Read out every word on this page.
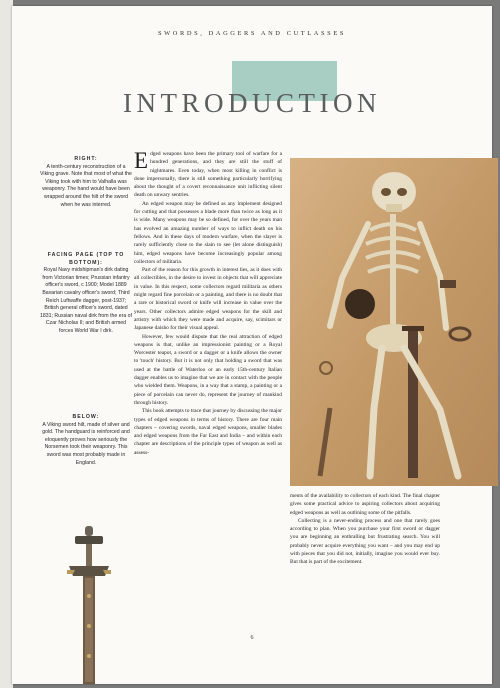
SWORDS, DAGGERS AND CUTLASSES
INTRODUCTION
RIGHT:
A tenth-century reconstruction of a Viking grave. Note that most of what the Viking took with him to Valhalla was weaponry. The hand would have been wrapped around the hilt of the sword when he was interred.
FACING PAGE (TOP TO BOTTOM):
Royal Navy midshipman's dirk dating from Victorian times; Prussian infantry officer's sword, c 1900; Model 1889 Bavarian cavalry officer's sword; Third Reich Luftwaffe dagger, post-1937; British general officer's sword, dated 1831; Russian naval dirk from the era of Czar Nicholas II; and British armed forces World War I dirk.
BELOW:
A Viking sword hilt, made of silver and gold. The handguard is reinforced and eloquently proves how seriously the Norsemen took their weaponry. This sword was most probably made in England.

Edged weapons have been the primary tool of warfare for a hundred generations, and they are still the stuff of nightmares. Even today, when most killing in conflict is done impersonally, there is still something particularly horrifying about the thought of a covert reconnaissance unit inflicting silent death on unwary sentries.

An edged weapon may be defined as any implement designed for cutting and that possesses a blade more than twice as long as it is wide. Many weapons may be so defined, for over the years man has evolved an amazing number of ways to inflict death on his fellows. And in these days of modern warfare, when the slayer is rarely sufficiently close to the slain to see (let alone distinguish) him, edged weapons have become increasingly popular among collectors of militaria.

Part of the reason for this growth in interest lies, as it does with all collectibles, in the desire to invest in objects that will appreciate in value. In this respect, some collectors regard militaria as others might regard fine porcelain or a painting, and there is no doubt that a rare or historical sword or knife will increase in value over the years. Other collectors admire edged weapons for the skill and artistry with which they were made and acquire, say, scimitars or Japanese daisho for their visual appeal.

However, few would dispute that the real attraction of edged weapons is that, unlike an impressionist painting or a Royal Worcester teapot, a sword or a dagger or a knife allows the owner to 'touch' history. But it is not only that holding a sword that was used at the battle of Waterloo or an early 15th-century Italian dagger enables us to imagine that we are in contact with the people who wielded them. Weapons, in a way that a stamp, a painting or a piece of porcelain can never do, represent the journey of mankind through history.

This book attempts to trace that journey by discussing the major types of edged weapons in terms of history. There are four main chapters – covering swords, naval edged weapons, smaller blades and edged weapons from the Far East and India – and within each chapter are descriptions of the principle types of weapon as well as assess-

ments of the availability to collectors of each kind. The final chapter gives some practical advice to aspiring collectors about acquiring edged weapons as well as outlining some of the pitfalls.

Collecting is a never-ending process and one that rarely goes according to plan. When you purchase your first sword or dagger you are beginning an enthralling but frustrating search. You will probably never acquire everything you want – and you may end up with pieces that you did not, initially, imagine you would ever buy. But that is part of the excitement.

6
